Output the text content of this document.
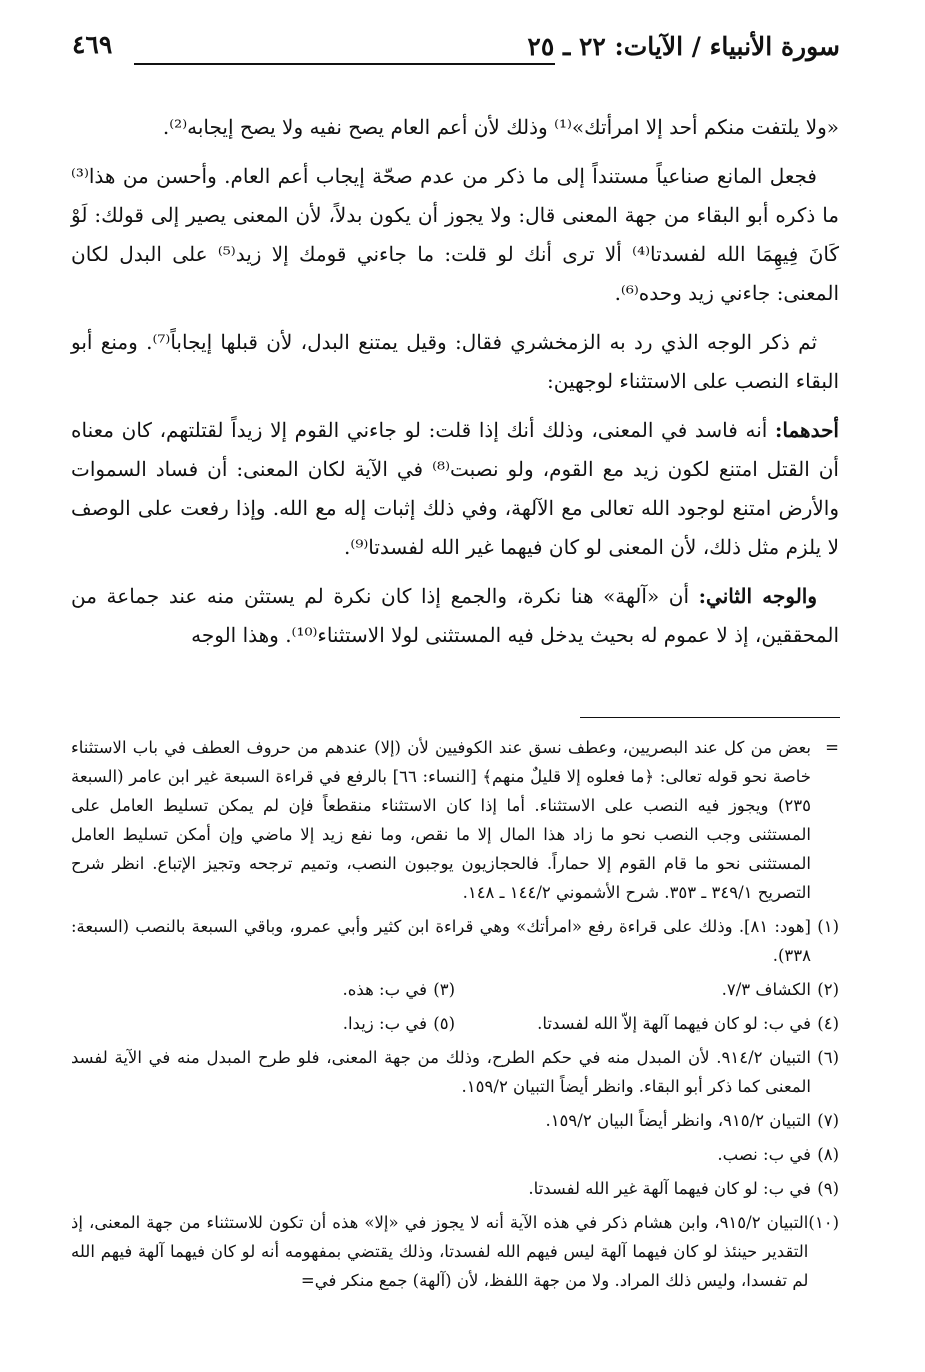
سورة الأنبياء / الآيات: ٢٢ ـ ٢٥
٤٦٩

«ولا يلتفت منكم أحد إلا امرأتك»⁽¹⁾ وذلك لأن أعم العام يصح نفيه ولا يصح إيجابه⁽²⁾.

فجعل المانع صناعياً مستنداً إلى ما ذكر من عدم صحّة إيجاب أعم العام. وأحسن من هذا⁽³⁾ ما ذكره أبو البقاء من جهة المعنى قال: ولا يجوز أن يكون بدلاً، لأن المعنى يصير إلى قولك: لَوْ كَانَ فِيهِمَا الله لفسدتا⁽⁴⁾ ألا ترى أنك لو قلت: ما جاءني قومك إلا زيد⁽⁵⁾ على البدل لكان المعنى: جاءني زيد وحده⁽⁶⁾.

ثم ذكر الوجه الذي رد به الزمخشري فقال: وقيل يمتنع البدل، لأن قبلها إيجاباً⁽⁷⁾. ومنع أبو البقاء النصب على الاستثناء لوجهين:

أحدهما: أنه فاسد في المعنى، وذلك أنك إذا قلت: لو جاءني القوم إلا زيداً لقتلتهم، كان معناه أن القتل امتنع لكون زيد مع القوم، ولو نصبت⁽⁸⁾ في الآية لكان المعنى: أن فساد السموات والأرض امتنع لوجود الله تعالى مع الآلهة، وفي ذلك إثبات إله مع الله. وإذا رفعت على الوصف لا يلزم مثل ذلك، لأن المعنى لو كان فيهما غير الله لفسدتا⁽⁹⁾.

والوجه الثاني: أن «آلهة» هنا نكرة، والجمع إذا كان نكرة لم يستثن منه عند جماعة من المحققين، إذ لا عموم له بحيث يدخل فيه المستثنى لولا الاستثناء⁽¹⁰⁾. وهذا الوجه

=
بعض من كل عند البصريين، وعطف نسق عند الكوفيين لأن (إلا) عندهم من حروف العطف في باب الاستثناء خاصة نحو قوله تعالى: ﴿ما فعلوه إلا قليلٌ منهم﴾ [النساء: ٦٦] بالرفع في قراءة السبعة غير ابن عامر (السبعة ٢٣٥) ويجوز فيه النصب على الاستثناء. أما إذا كان الاستثناء منقطعاً فإن لم يمكن تسليط العامل على المستثنى وجب النصب نحو ما زاد هذا المال إلا ما نقص، وما نفع زيد إلا ماضي وإن أمكن تسليط العامل المستثنى نحو ما قام القوم إلا حماراً. فالحجازيون يوجبون النصب، وتميم ترجحه وتجيز الإتباع. انظر شرح التصريح ٣٤٩/١ ـ ٣٥٣. شرح الأشموني ١٤٤/٢ ـ ١٤٨.
(١)
[هود: ٨١]. وذلك على قراءة رفع «امرأتك» وهي قراءة ابن كثير وأبي عمرو، وباقي السبعة بالنصب (السبعة: ٣٣٨).
(٢)
الكشاف ٧/٣.
(٣)
في ب: هذه.
(٤)
في ب: لو كان فيهما آلهة إلاّ الله لفسدتا.
(٥)
في ب: زيدا.
(٦)
التبيان ٩١٤/٢. لأن المبدل منه في حكم الطرح، وذلك من جهة المعنى، فلو طرح المبدل منه في الآية لفسد المعنى كما ذكر أبو البقاء. وانظر أيضاً التبيان ١٥٩/٢.
(٧)
التبيان ٩١٥/٢، وانظر أيضاً البيان ١٥٩/٢.
(٨)
في ب: نصب.
(٩)
في ب: لو كان فيهما آلهة غير الله لفسدتا.
(١٠)
التبيان ٩١٥/٢، وابن هشام ذكر في هذه الآية أنه لا يجوز في «إلا» هذه أن تكون للاستثناء من جهة المعنى، إذ التقدير حينئذ لو كان فيهما آلهة ليس فيهم الله لفسدتا، وذلك يقتضي بمفهومه أنه لو كان فيهما آلهة فيهم الله لم تفسدا، وليس ذلك المراد. ولا من جهة اللفظ، لأن (آلهة) جمع منكر في=
